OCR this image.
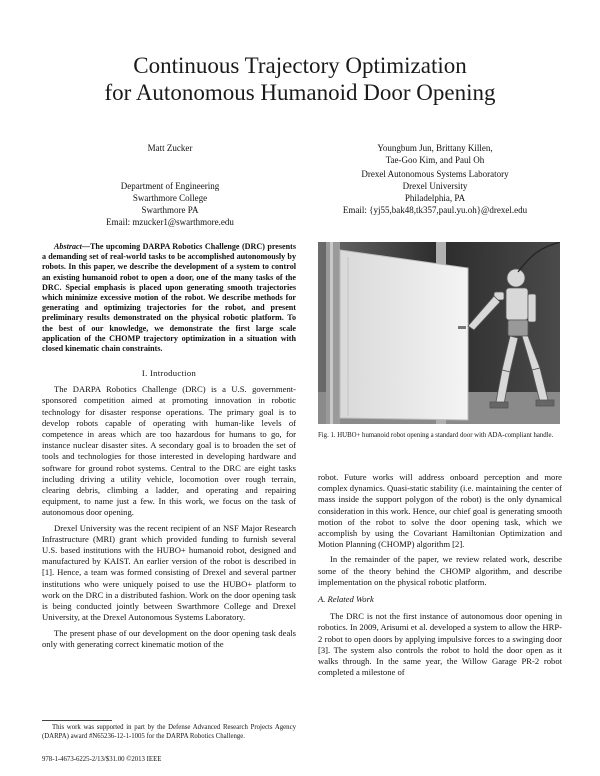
Continuous Trajectory Optimization
for Autonomous Humanoid Door Opening
Matt Zucker
Department of Engineering
Swarthmore College
Swarthmore PA
Email: mzucker1@swarthmore.edu
Youngbum Jun, Brittany Killen,
Tae-Goo Kim, and Paul Oh
Drexel Autonomous Systems Laboratory
Drexel University
Philadelphia, PA
Email: {yj55,bak48,tk357,paul.yu.oh}@drexel.edu
Abstract—The upcoming DARPA Robotics Challenge (DRC) presents a demanding set of real-world tasks to be accomplished autonomously by robots. In this paper, we describe the development of a system to control an existing humanoid robot to open a door, one of the many tasks of the DRC. Special emphasis is placed upon generating smooth trajectories which minimize excessive motion of the robot. We describe methods for generating and optimizing trajectories for the robot, and present preliminary results demonstrated on the physical robotic platform. To the best of our knowledge, we demonstrate the first large scale application of the CHOMP trajectory optimization in a situation with closed kinematic chain constraints.
I. Introduction

The DARPA Robotics Challenge (DRC) is a U.S. government-sponsored competition aimed at promoting innovation in robotic technology for disaster response operations. The primary goal is to develop robots capable of operating with human-like levels of competence in areas which are too hazardous for humans to go, for instance nuclear disaster sites. A secondary goal is to broaden the set of tools and technologies for those interested in developing hardware and software for ground robot systems. Central to the DRC are eight tasks including driving a utility vehicle, locomotion over rough terrain, clearing debris, climbing a ladder, and operating and repairing equipment, to name just a few. In this work, we focus on the task of autonomous door opening.

Drexel University was the recent recipient of an NSF Major Research Infrastructure (MRI) grant which provided funding to furnish several U.S. based institutions with the HUBO+ humanoid robot, designed and manufactured by KAIST. An earlier version of the robot is described in [1]. Hence, a team was formed consisting of Drexel and several partner institutions who were uniquely poised to use the HUBO+ platform to work on the DRC in a distributed fashion. Work on the door opening task is being conducted jointly between Swarthmore College and Drexel University, at the Drexel Autonomous Systems Laboratory.

The present phase of our development on the door opening task deals only with generating correct kinematic motion of the

This work was supported in part by the Defense Advanced Research Projects Agency (DARPA) award #N65236-12-1-1005 for the DARPA Robotics Challenge.
Fig. 1. HUBO+ humanoid robot opening a standard door with ADA-compliant handle.

robot. Future works will address onboard perception and more complex dynamics. Quasi-static stability (i.e. maintaining the center of mass inside the support polygon of the robot) is the only dynamical consideration in this work. Hence, our chief goal is generating smooth motion of the robot to solve the door opening task, which we accomplish by using the Covariant Hamiltonian Optimization and Motion Planning (CHOMP) algorithm [2].

In the remainder of the paper, we review related work, describe some of the theory behind the CHOMP algorithm, and describe implementation on the physical robotic platform.

A. Related Work

The DRC is not the first instance of autonomous door opening in robotics. In 2009, Arisumi et al. developed a system to allow the HRP-2 robot to open doors by applying impulsive forces to a swinging door [3]. The system also controls the robot to hold the door open as it walks through. In the same year, the Willow Garage PR-2 robot completed a milestone of

978-1-4673-6225-2/13/$31.00 ©2013 IEEE
